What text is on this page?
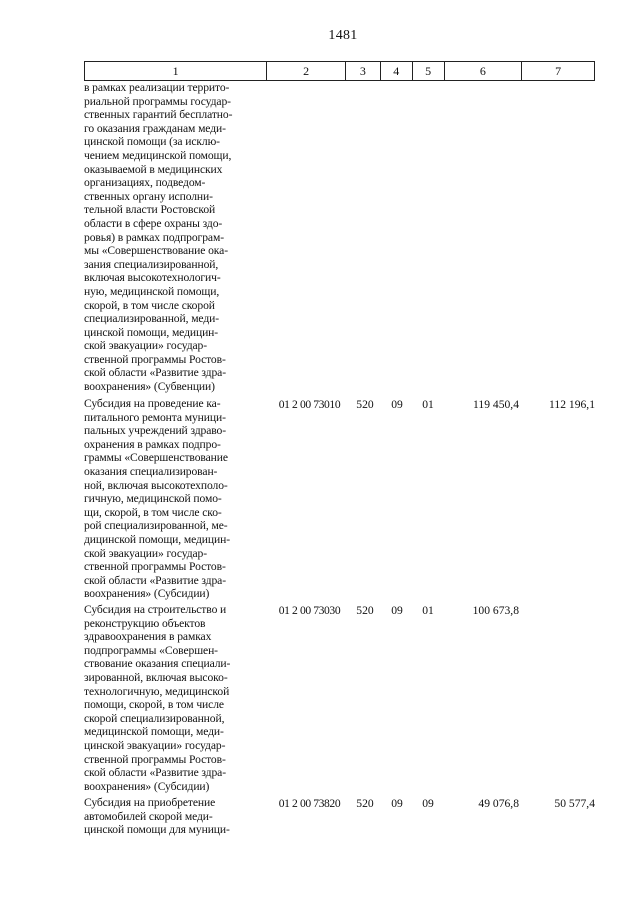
1481
1	2	3	4	5	6	7
в рамках реализации террито-
риальной программы государ-
ственных гарантий бесплатно-
го оказания гражданам меди-
цинской помощи (за исклю-
чением медицинской помощи,
оказываемой в медицинских
организациях, подведом-
ственных органу исполни-
тельной власти Ростовской
области в сфере охраны здо-
ровья) в рамках подпрограм-
мы «Совершенствование ока-
зания специализированной,
включая высокотехнологич-
ную, медицинской помощи,
скорой, в том числе скорой
специализированной, меди-
цинской помощи, медицин-
ской эвакуации» государ-
ственной программы Ростов-
ской области «Развитие здра-
воохранения» (Субвенции)
Субсидия на проведение ка-
питального ремонта муници-
пальных учреждений здраво-
охранения в рамках подпро-
граммы «Совершенствование
оказания специализирован-
ной, включая высокотехполо-
гичную, медицинской помо-
щи, скорой, в том числе ско-
рой специализированной, ме-
дицинской помощи, медицин-
ской эвакуации» государ-
ственной программы Ростов-
ской области «Развитие здра-
воохранения» (Субсидии)
01 2 00 73010	520	09	01	119 450,4	112 196,1
Субсидия на строительство и
реконструкцию объектов
здравоохранения в рамках
подпрограммы «Совершен-
ствование оказания специали-
зированной, включая высоко-
технологичную, медицинской
помощи, скорой, в том числе
скорой специализированной,
медицинской помощи, меди-
цинской эвакуации» государ-
ственной программы Ростов-
ской области «Развитие здра-
воохранения» (Субсидии)
01 2 00 73030	520	09	01	100 673,8
Субсидия на приобретение
автомобилей скорой меди-
цинской помощи для муници-
01 2 00 73820	520	09	09	49 076,8	50 577,4
